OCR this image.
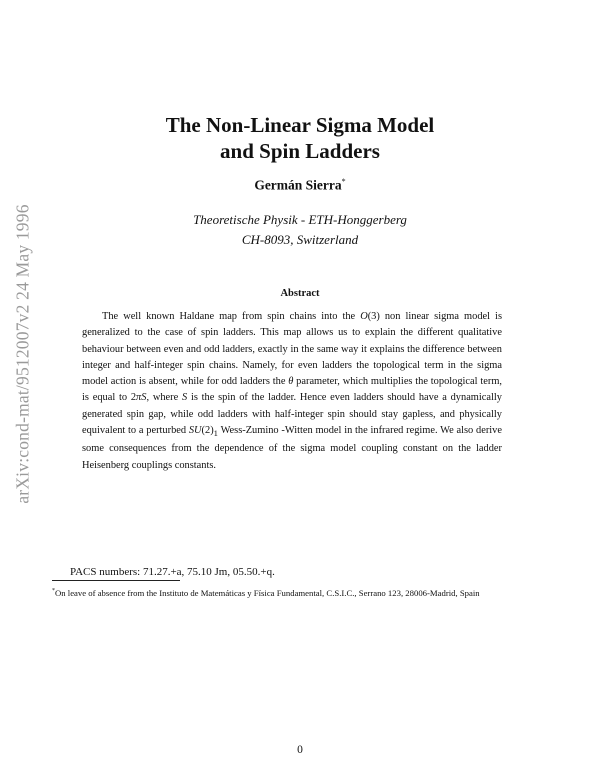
arXiv:cond-mat/9512007v2 24 May 1996
The Non-Linear Sigma Model
and Spin Ladders
Germán Sierra*
Theoretische Physik - ETH-Honggerberg
CH-8093, Switzerland
Abstract

The well known Haldane map from spin chains into the O(3) non linear sigma model is generalized to the case of spin ladders. This map allows us to explain the different qualitative behaviour between even and odd ladders, exactly in the same way it explains the difference between integer and half-integer spin chains. Namely, for even ladders the topological term in the sigma model action is absent, while for odd ladders the θ parameter, which multiplies the topological term, is equal to 2πS, where S is the spin of the ladder. Hence even ladders should have a dynamically generated spin gap, while odd ladders with half-integer spin should stay gapless, and physically equivalent to a perturbed $SU(2)_1$ Wess-Zumino -Witten model in the infrared regime. We also derive some consequences from the dependence of the sigma model coupling constant on the ladder Heisenberg couplings constants.

PACS numbers: 71.27.+a, 75.10 Jm, 05.50.+q.
*On leave of absence from the Instituto de Matemáticas y Física Fundamental, C.S.I.C., Serrano 123, 28006-Madrid, Spain
0
